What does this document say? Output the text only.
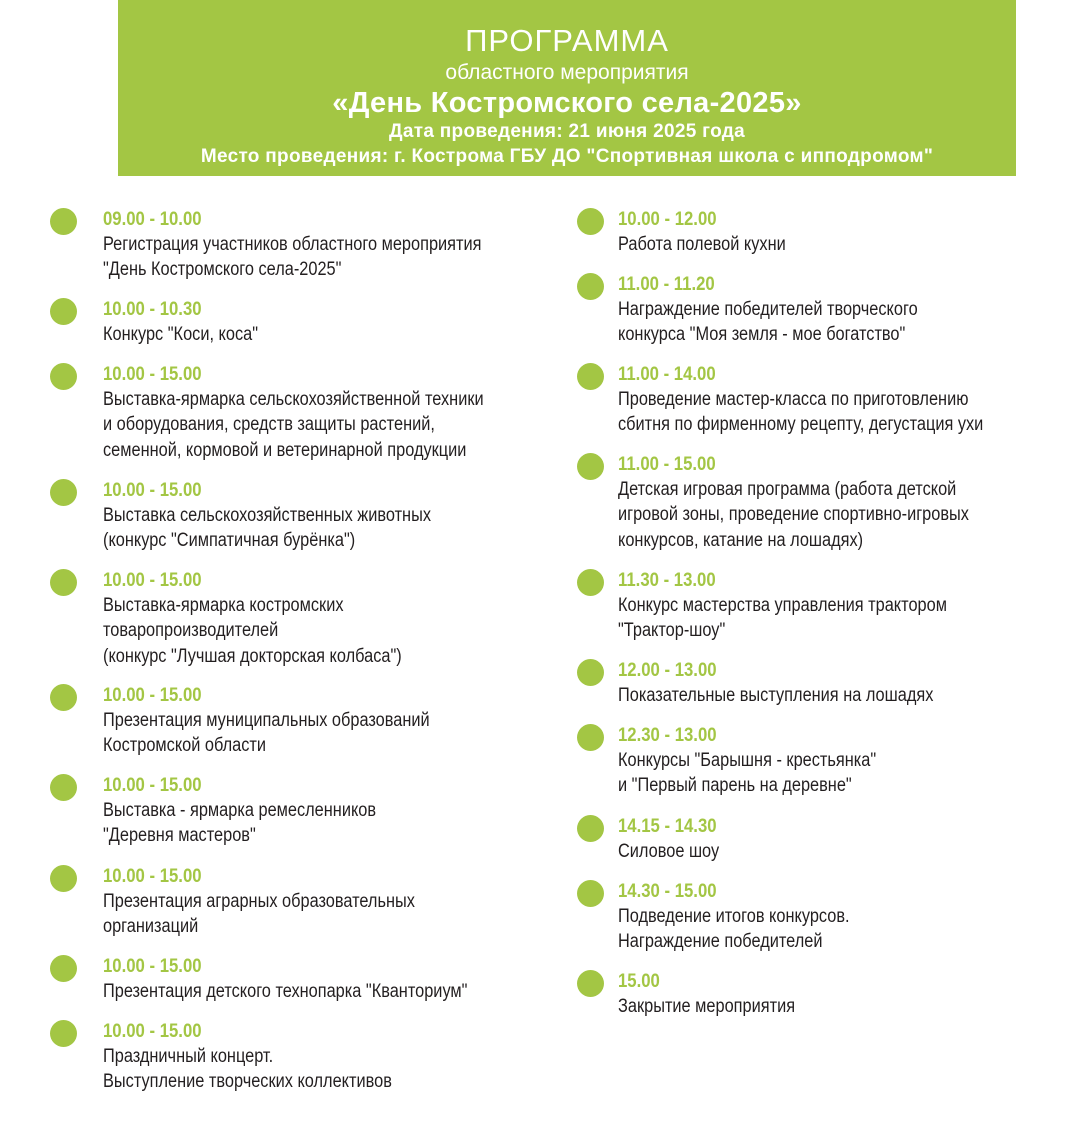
ПРОГРАММА
областного мероприятия
«День Костромского села-2025»
Дата проведения: 21 июня 2025 года
Место проведения: г. Кострома ГБУ ДО "Спортивная школа с ипподромом"
09.00 - 10.00
Регистрация участников областного мероприятия
"День Костромского села-2025"
10.00 - 10.30
Конкурс "Коси, коса"
10.00 - 15.00
Выставка-ярмарка сельскохозяйственной техники
и оборудования, средств защиты растений,
семенной, кормовой и ветеринарной продукции
10.00 - 15.00
Выставка сельскохозяйственных животных
(конкурс "Симпатичная бурёнка")
10.00 - 15.00
Выставка-ярмарка костромских
товаропроизводителей
(конкурс "Лучшая докторская колбаса")
10.00 - 15.00
Презентация муниципальных образований
Костромской области
10.00 - 15.00
Выставка - ярмарка ремесленников
"Деревня мастеров"
10.00 - 15.00
Презентация аграрных образовательных
организаций
10.00 - 15.00
Презентация детского технопарка "Кванториум"
10.00 - 15.00
Праздничный концерт.
Выступление творческих коллективов
10.00 - 12.00
Работа полевой кухни
11.00 - 11.20
Награждение победителей творческого
конкурса "Моя земля - мое богатство"
11.00 - 14.00
Проведение мастер-класса по приготовлению
сбитня по фирменному рецепту, дегустация ухи
11.00 - 15.00
Детская игровая программа (работа детской
игровой зоны, проведение спортивно-игровых
конкурсов, катание на лошадях)
11.30 - 13.00
Конкурс мастерства управления трактором
"Трактор-шоу"
12.00 - 13.00
Показательные выступления на лошадях
12.30 - 13.00
Конкурсы "Барышня - крестьянка"
и "Первый парень на деревне"
14.15 - 14.30
Силовое шоу
14.30 - 15.00
Подведение итогов конкурсов.
Награждение победителей
15.00
Закрытие мероприятия
